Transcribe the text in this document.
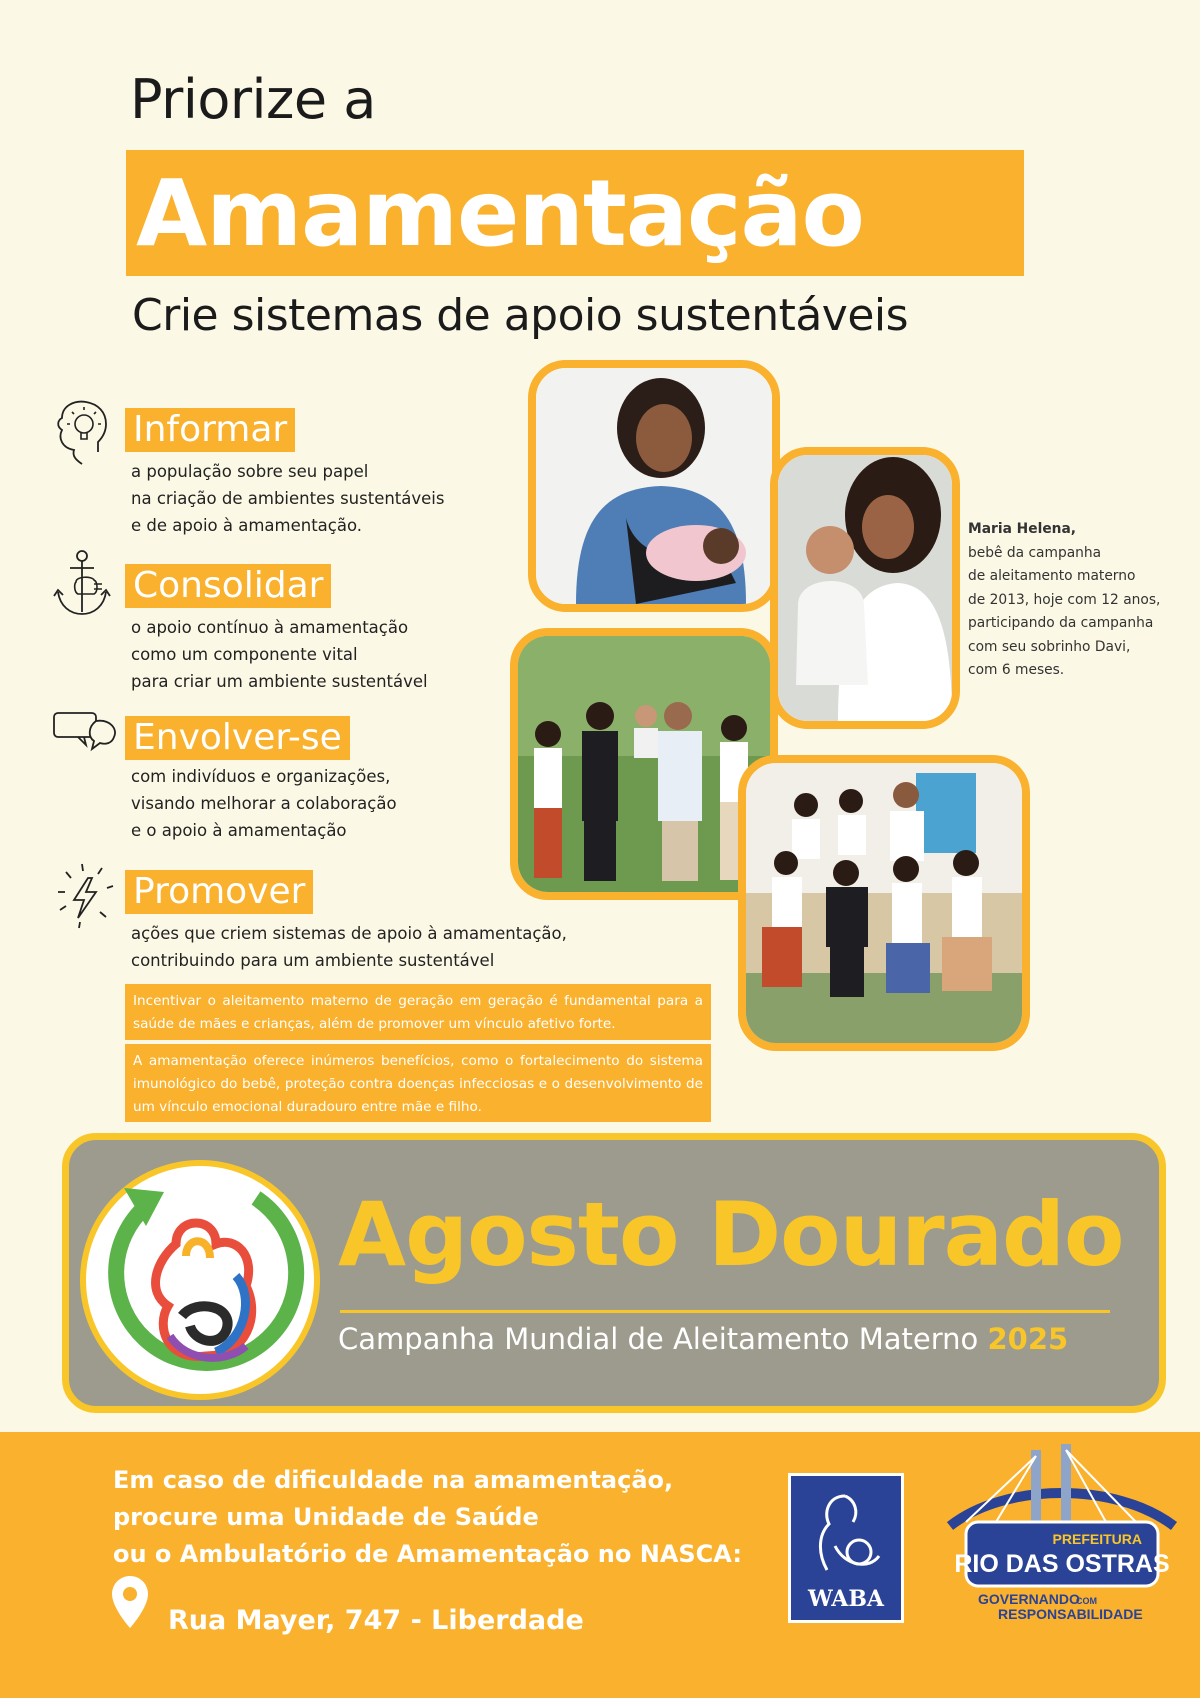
Priorize a
Amamentação
Crie sistemas de apoio sustentáveis
Informar
a população sobre seu papel
na criação de ambientes sustentáveis
e de apoio à amamentação.
Consolidar
o apoio contínuo à amamentação
como um componente vital
para criar um ambiente sustentável
Envolver-se
com indivíduos e organizações,
visando melhorar a colaboração
e o apoio à amamentação
Promover
ações que criem sistemas de apoio à amamentação,
contribuindo para um ambiente sustentável
Incentivar o aleitamento materno de geração em geração é fundamental para a saúde de mães e crianças, além de promover um vínculo afetivo forte.
A amamentação oferece inúmeros benefícios, como o fortalecimento do sistema imunológico do bebê, proteção contra doenças infecciosas e o desenvolvimento de um vínculo emocional duradouro entre mãe e filho.
Maria Helena,
bebê da campanha
de aleitamento materno
de 2013, hoje com 12 anos,
participando da campanha
com seu sobrinho Davi,
com 6 meses.
Agosto Dourado
Campanha Mundial de Aleitamento Materno 2025
Em caso de dificuldade na amamentação,
procure uma Unidade de Saúde
ou o Ambulatório de Amamentação no NASCA:
Rua Mayer, 747 - Liberdade
WABA
PREFEITURA
RIO DAS OSTRAS
GOVERNANDO
COM
RESPONSABILIDADE
